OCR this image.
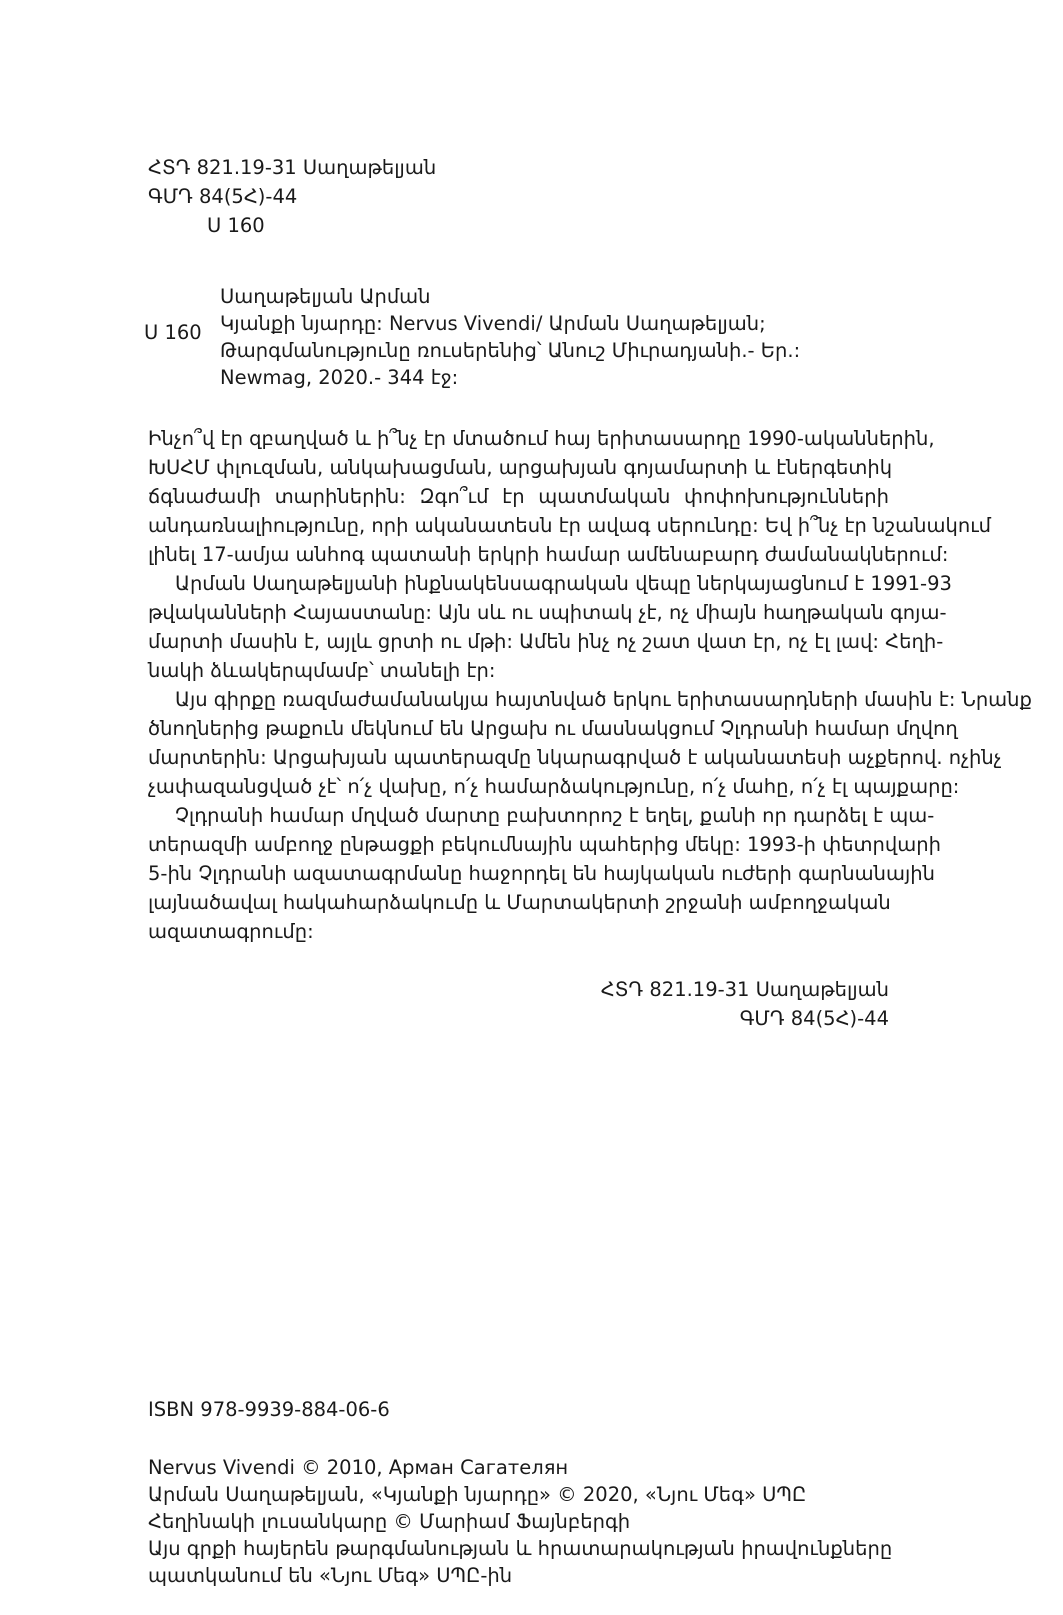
ՀՏԴ 821.19-31 Սաղաթելյան
ԳՄԴ 84(5Հ)-44
Ս 160
Ս 160
Սաղաթելյան Արման
Կյանքի նյարդը: Nervus Vivendi/ Արման Սաղաթելյան;
Թարգմանությունը ռուսերենից՝ Անուշ Միւրադյանի.- Եր.:
Newmag, 2020.- 344 էջ:
Ինչո՞վ էր զբաղված և ի՞նչ էր մտածում հայ երիտասարդը 1990-ականներին,
ԽՍՀՄ փլուզման, անկախացման, արցախյան գոյամարտի և էներգետիկ
ճգնաժամի տարիներին: Զգո՞ւմ էր պատմական փոփոխությունների
անդառնալիությունը, որի ականատեսն էր ավագ սերունդը: Եվ ի՞նչ էր նշանակում
լինել 17-ամյա անհոգ պատանի երկրի համար ամենաբարդ ժամանակներում:
Արման Սաղաթելյանի ինքնակենսագրական վեպը ներկայացնում է 1991-93
թվականների Հայաստանը: Այն սև ու սպիտակ չէ, ոչ միայն հաղթական գոյա-
մարտի մասին է, այլև ցրտի ու մթի: Ամեն ինչ ոչ շատ վատ էր, ոչ էլ լավ: Հեղի-
նակի ձևակերպմամբ՝ տանելի էր:
Այս գիրքը ռազմաժամանակյա հայտնված երկու երիտասարդների մասին է: Նրանք
ծնողներից թաքուն մեկնում են Արցախ ու մասնակցում Չլդրանի համար մղվող
մարտերին: Արցախյան պատերազմը նկարագրված է ականատեսի աչքերով. ոչինչ
չափազանցված չէ՝ ո՛չ վախը, ո՛չ համարձակությունը, ո՛չ մահը, ո՛չ էլ պայքարը:
Չլդրանի համար մղված մարտը բախտորոշ է եղել, քանի որ դարձել է պա-
տերազմի ամբողջ ընթացքի բեկումնային պահերից մեկը: 1993-ի փետրվարի
5-ին Չլդրանի ազատագրմանը հաջորդել են հայկական ուժերի գարնանային
լայնածավալ հակահարձակումը և Մարտակերտի շրջանի ամբողջական
ազատագրումը:
ՀՏԴ 821.19-31 Սաղաթելյան
ԳՄԴ 84(5Հ)-44
ISBN 978-9939-884-06-6
Nervus Vivendi © 2010, Арман Сагателян
Արման Սաղաթելյան, «Կյանքի նյարդը» © 2020, «Նյու Մեգ» ՍՊԸ
Հեղինակի լուսանկարը © Մարիամ Ֆայնբերգի
Այս գրքի հայերեն թարգմանության և հրատարակության իրավունքները
պատկանում են «Նյու Մեգ» ՍՊԸ-ին
